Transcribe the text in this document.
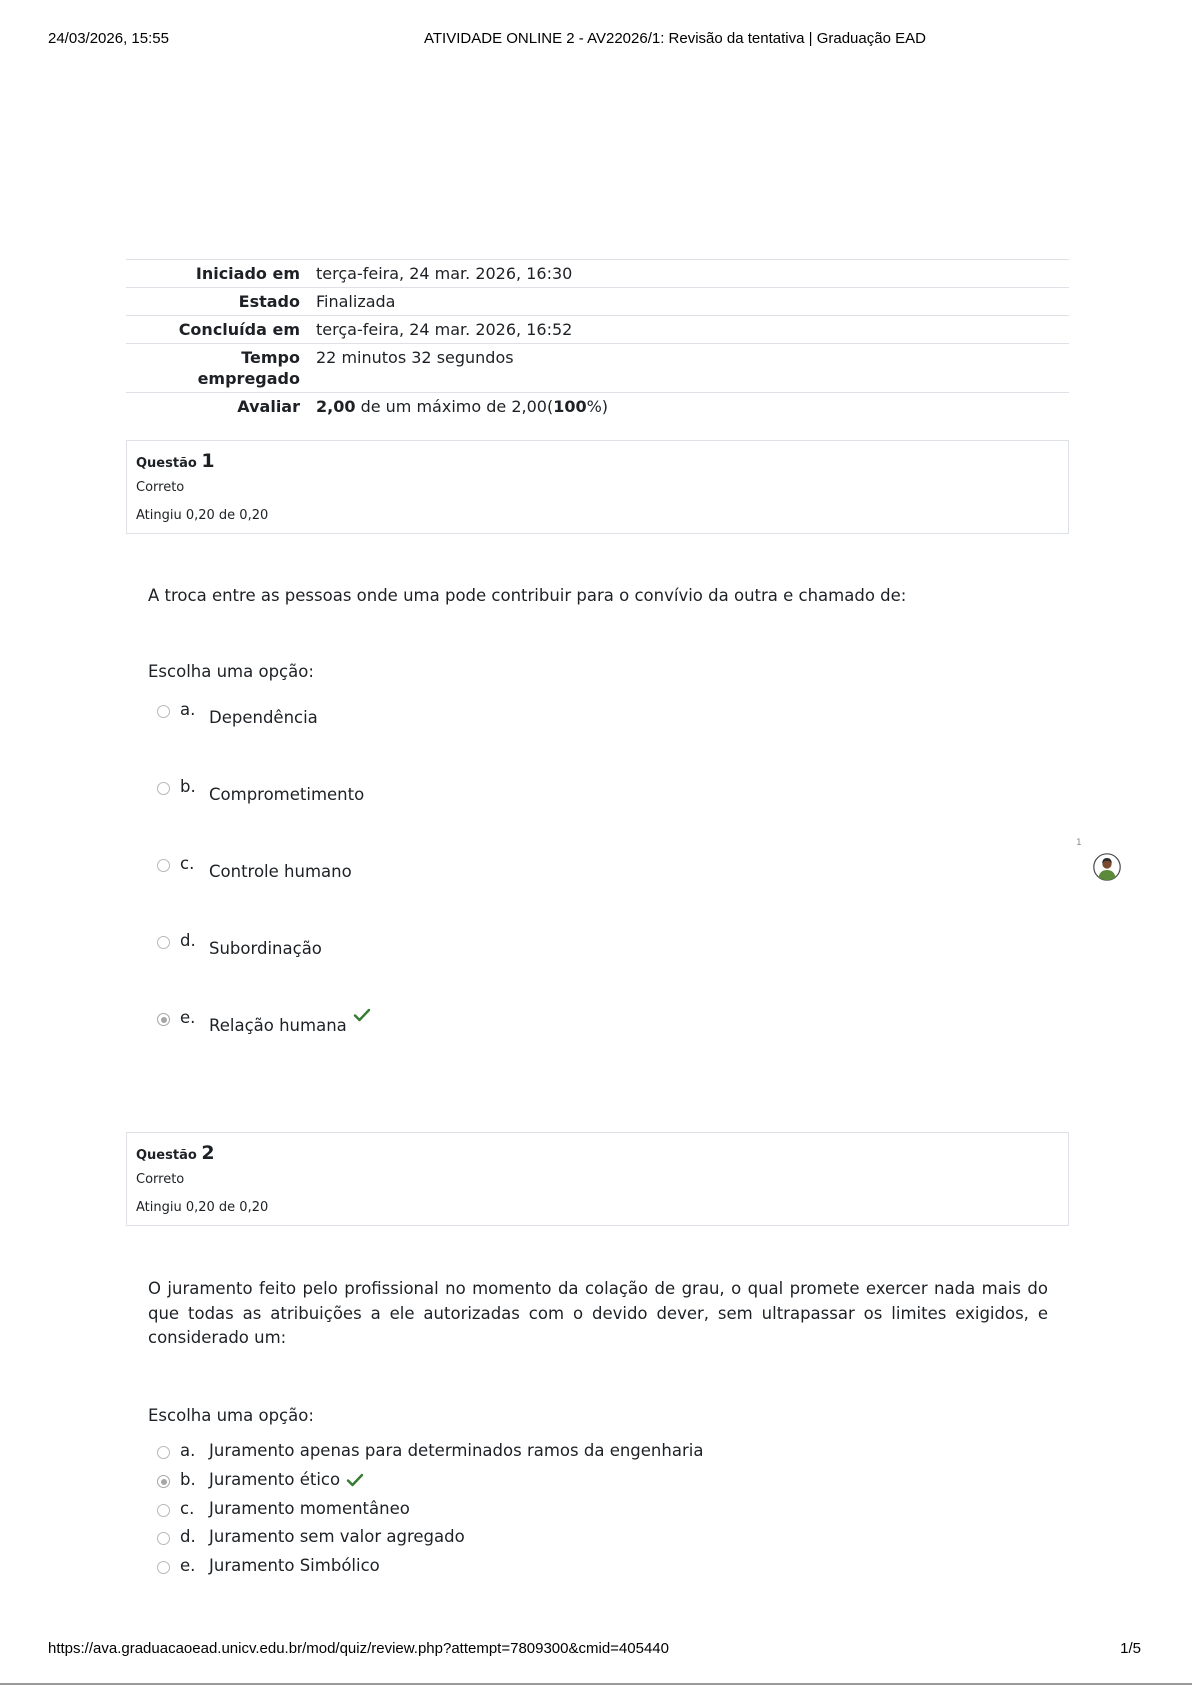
24/03/2026, 15:55	ATIVIDADE ONLINE 2 - AV22026/1: Revisão da tentativa | Graduação EAD
Iniciado em	terça-feira, 24 mar. 2026, 16:30
Estado	Finalizada
Concluída em	terça-feira, 24 mar. 2026, 16:52
Tempo empregado	22 minutos 32 segundos
Avaliar	2,00 de um máximo de 2,00(100%)
Questão 1
Correto
Atingiu 0,20 de 0,20
A troca entre as pessoas onde uma pode contribuir para o convívio da outra e chamado de:
Escolha uma opção:
a. Dependência
b. Comprometimento
c. Controle humano
d. Subordinação
e. Relação humana
1
Questão 2
Correto
Atingiu 0,20 de 0,20
O juramento feito pelo profissional no momento da colação de grau, o qual promete exercer nada mais do que todas as atribuições a ele autorizadas com o devido dever, sem ultrapassar os limites exigidos, e considerado um:
Escolha uma opção:
a. Juramento apenas para determinados ramos da engenharia
b. Juramento ético
c. Juramento momentâneo
d. Juramento sem valor agregado
e. Juramento Simbólico
https://ava.graduacaoead.unicv.edu.br/mod/quiz/review.php?attempt=7809300&cmid=405440	1/5
